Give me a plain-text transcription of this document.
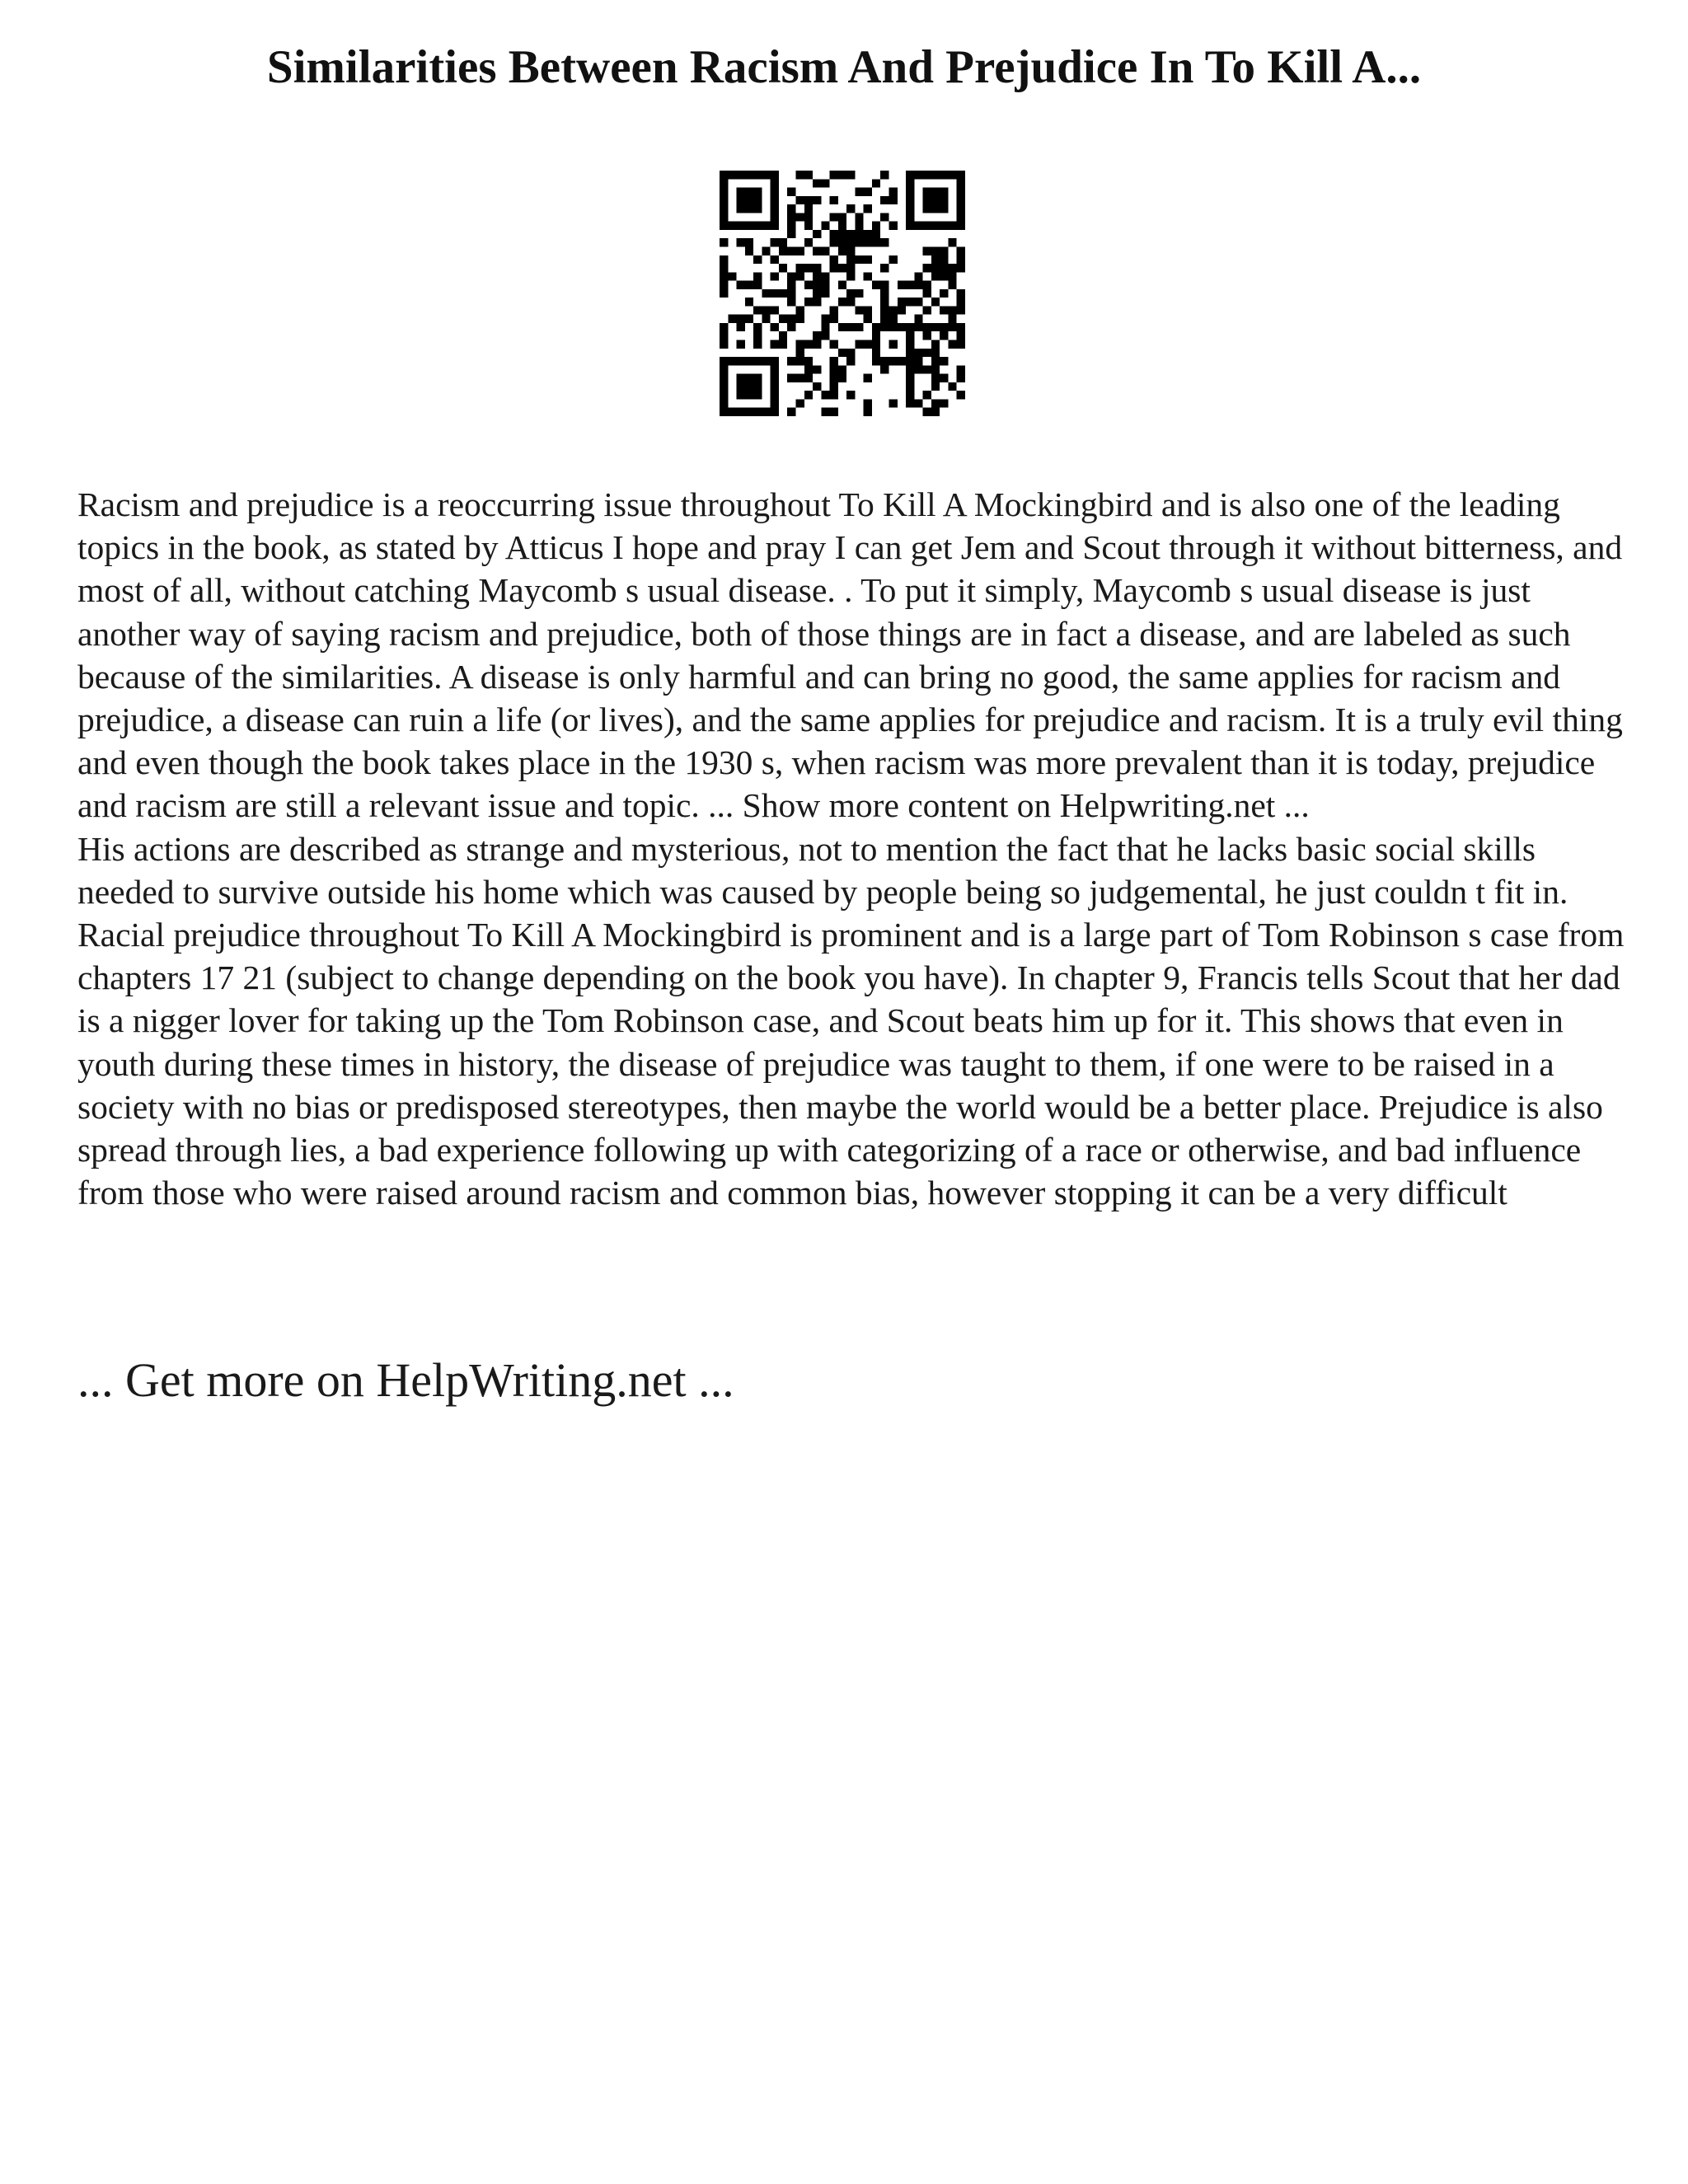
Similarities Between Racism And Prejudice In To Kill A...

Racism and prejudice is a reoccurring issue throughout To Kill A Mockingbird and is also one of the leading topics in the book, as stated by Atticus I hope and pray I can get Jem and Scout through it without bitterness, and most of all, without catching Maycomb s usual disease. . To put it simply, Maycomb s usual disease is just another way of saying racism and prejudice, both of those things are in fact a disease, and are labeled as such because of the similarities. A disease is only harmful and can bring no good, the same applies for racism and prejudice, a disease can ruin a life (or lives), and the same applies for prejudice and racism. It is a truly evil thing and even though the book takes place in the 1930 s, when racism was more prevalent than it is today, prejudice and racism are still a relevant issue and topic. ... Show more content on Helpwriting.net ...

His actions are described as strange and mysterious, not to mention the fact that he lacks basic social skills needed to survive outside his home which was caused by people being so judgemental, he just couldn t fit in. Racial prejudice throughout To Kill A Mockingbird is prominent and is a large part of Tom Robinson s case from chapters 17 21 (subject to change depending on the book you have). In chapter 9, Francis tells Scout that her dad is a nigger lover for taking up the Tom Robinson case, and Scout beats him up for it. This shows that even in youth during these times in history, the disease of prejudice was taught to them, if one were to be raised in a society with no bias or predisposed stereotypes, then maybe the world would be a better place. Prejudice is also spread through lies, a bad experience following up with categorizing of a race or otherwise, and bad influence from those who were raised around racism and common bias, however stopping it can be a very difficult

... Get more on HelpWriting.net ...
